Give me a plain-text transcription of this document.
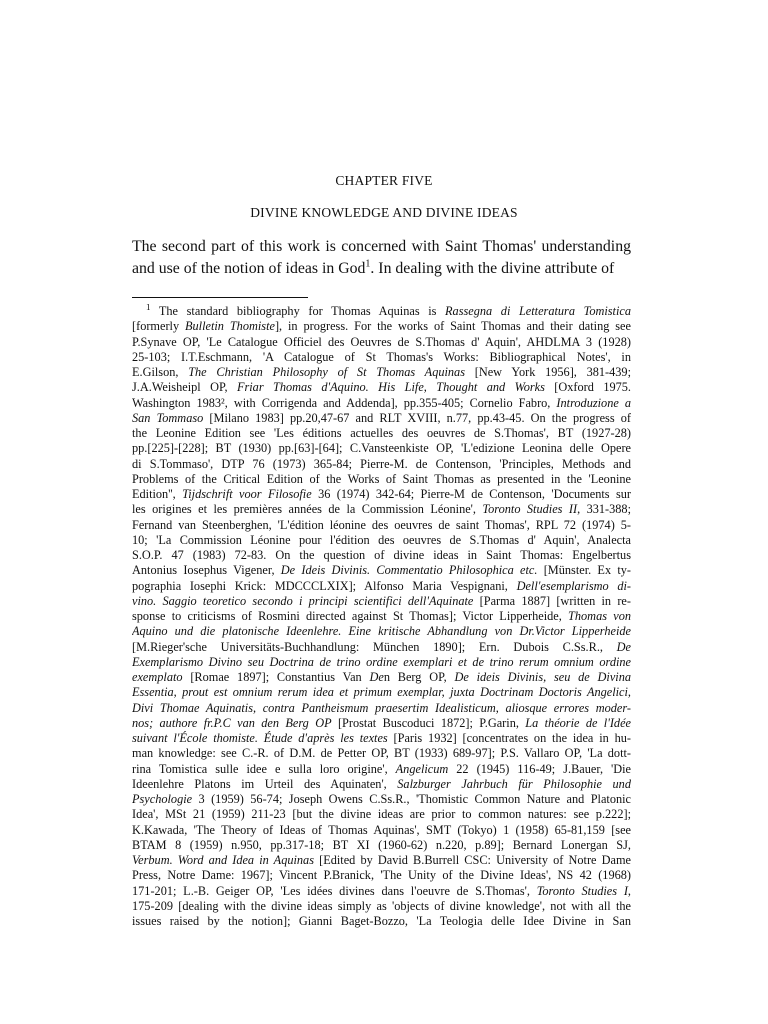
CHAPTER FIVE
DIVINE KNOWLEDGE AND DIVINE IDEAS

The second part of this work is concerned with Saint Thomas' understanding and use of the notion of ideas in God$^1$. In dealing with the divine attribute of

$^1$ The standard bibliography for Thomas Aquinas is Rassegna di Letteratura Tomistica
[formerly Bulletin Thomiste], in progress. For the works of Saint Thomas and their dating see
P.Synave OP, 'Le Catalogue Officiel des Oeuvres de S.Thomas d' Aquin', AHDLMA 3 (1928)
25-103; I.T.Eschmann, 'A Catalogue of St Thomas's Works: Bibliographical Notes', in
E.Gilson, The Christian Philosophy of St Thomas Aquinas [New York 1956], 381-439;
J.A.Weisheipl OP, Friar Thomas d'Aquino. His Life, Thought and Works [Oxford 1975.
Washington 1983², with Corrigenda and Addenda], pp.355-405; Cornelio Fabro, Introduzione a
San Tommaso [Milano 1983] pp.20,47-67 and RLT XVIII, n.77, pp.43-45. On the progress of
the Leonine Edition see 'Les éditions actuelles des oeuvres de S.Thomas', BT (1927-28)
pp.[225]-[228]; BT (1930) pp.[63]-[64]; C.Vansteenkiste OP, 'L'edizione Leonina delle Opere
di S.Tommaso', DTP 76 (1973) 365-84; Pierre-M. de Contenson, 'Principles, Methods and
Problems of the Critical Edition of the Works of Saint Thomas as presented in the 'Leonine
Edition'', Tijdschrift voor Filosofie 36 (1974) 342-64; Pierre-M de Contenson, 'Documents sur
les origines et les premières années de la Commission Léonine', Toronto Studies II, 331-388;
Fernand van Steenberghen, 'L'édition léonine des oeuvres de saint Thomas', RPL 72 (1974) 5-
10; 'La Commission Léonine pour l'édition des oeuvres de S.Thomas d' Aquin', Analecta
S.O.P. 47 (1983) 72-83. On the question of divine ideas in Saint Thomas: Engelbertus
Antonius Iosephus Vigener, De Ideis Divinis. Commentatio Philosophica etc. [Münster. Ex ty-
pographia Iosephi Krick: MDCCCLXIX]; Alfonso Maria Vespignani, Dell'esemplarismo di-
vino. Saggio teoretico secondo i principi scientifici dell'Aquinate [Parma 1887] [written in re-
sponse to criticisms of Rosmini directed against St Thomas]; Victor Lipperheide, Thomas von
Aquino und die platonische Ideenlehre. Eine kritische Abhandlung von Dr.Victor Lipperheide
[M.Rieger'sche Universitäts-Buchhandlung: München 1890]; Ern. Dubois C.Ss.R., De
Exemplarismo Divino seu Doctrina de trino ordine exemplari et de trino rerum omnium ordine
exemplato [Romae 1897]; Constantius Van Den Berg OP, De ideis Divinis, seu de Divina
Essentia, prout est omnium rerum idea et primum exemplar, juxta Doctrinam Doctoris Angelici,
Divi Thomae Aquinatis, contra Pantheismum praesertim Idealisticum, aliosque errores moder-
nos; authore fr.P.C van den Berg OP [Prostat Buscoduci 1872]; P.Garin, La théorie de l'Idée
suivant l'École thomiste. Étude d'après les textes [Paris 1932] [concentrates on the idea in hu-
man knowledge: see C.-R. of D.M. de Petter OP, BT (1933) 689-97]; P.S. Vallaro OP, 'La dott-
rina Tomistica sulle idee e sulla loro origine', Angelicum 22 (1945) 116-49; J.Bauer, 'Die
Ideenlehre Platons im Urteil des Aquinaten', Salzburger Jahrbuch für Philosophie und
Psychologie 3 (1959) 56-74; Joseph Owens C.Ss.R., 'Thomistic Common Nature and Platonic
Idea', MSt 21 (1959) 211-23 [but the divine ideas are prior to common natures: see p.222];
K.Kawada, 'The Theory of Ideas of Thomas Aquinas', SMT (Tokyo) 1 (1958) 65-81,159 [see
BTAM 8 (1959) n.950, pp.317-18; BT XI (1960-62) n.220, p.89]; Bernard Lonergan SJ,
Verbum. Word and Idea in Aquinas [Edited by David B.Burrell CSC: University of Notre Dame
Press, Notre Dame: 1967]; Vincent P.Branick, 'The Unity of the Divine Ideas', NS 42 (1968)
171-201; L.-B. Geiger OP, 'Les idées divines dans l'oeuvre de S.Thomas', Toronto Studies I,
175-209 [dealing with the divine ideas simply as 'objects of divine knowledge', not with all the
issues raised by the notion]; Gianni Baget-Bozzo, 'La Teologia delle Idee Divine in San
